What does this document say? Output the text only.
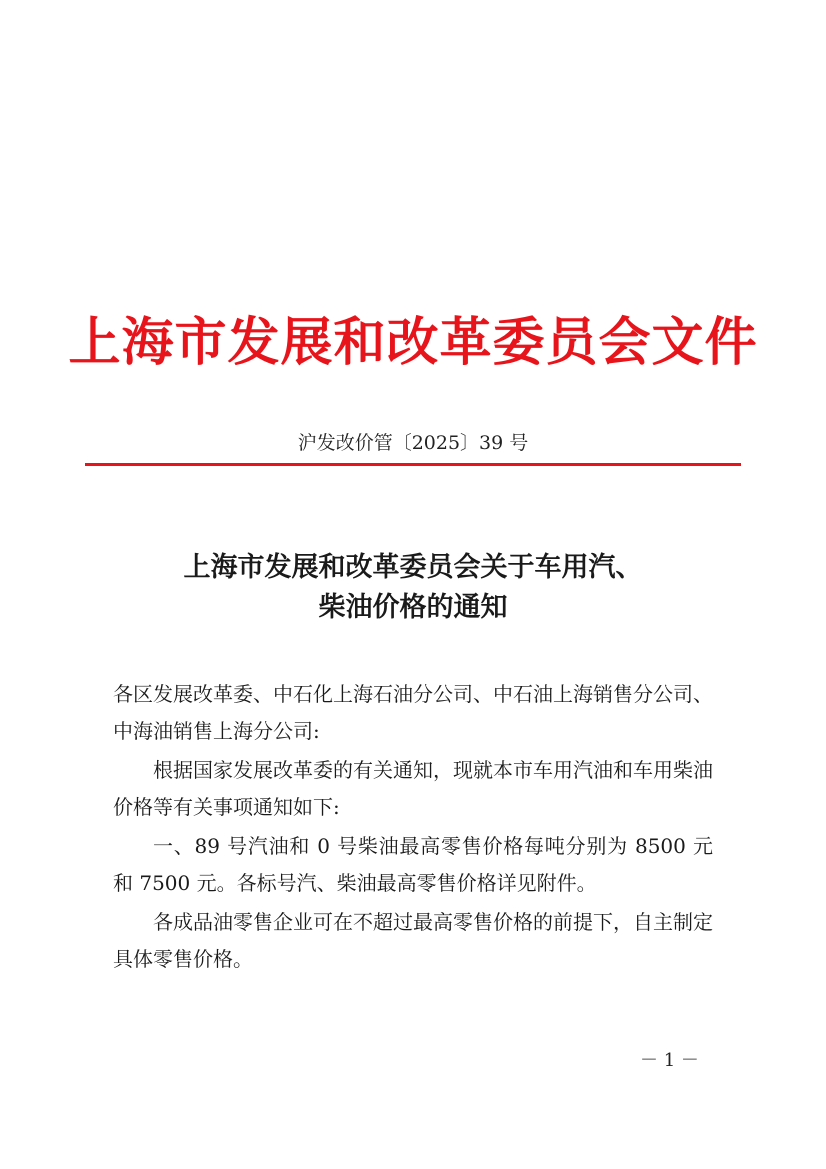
上海市发展和改革委员会文件
沪发改价管〔2025〕39 号
上海市发展和改革委员会关于车用汽、
柴油价格的通知

各区发展改革委、中石化上海石油分公司、中石油上海销售分公司、中海油销售上海分公司:

根据国家发展改革委的有关通知，现就本市车用汽油和车用柴油价格等有关事项通知如下:

一、89 号汽油和 0 号柴油最高零售价格每吨分别为 8500 元和 7500 元。各标号汽、柴油最高零售价格详见附件。

各成品油零售企业可在不超过最高零售价格的前提下，自主制定具体零售价格。

－ 1 －
